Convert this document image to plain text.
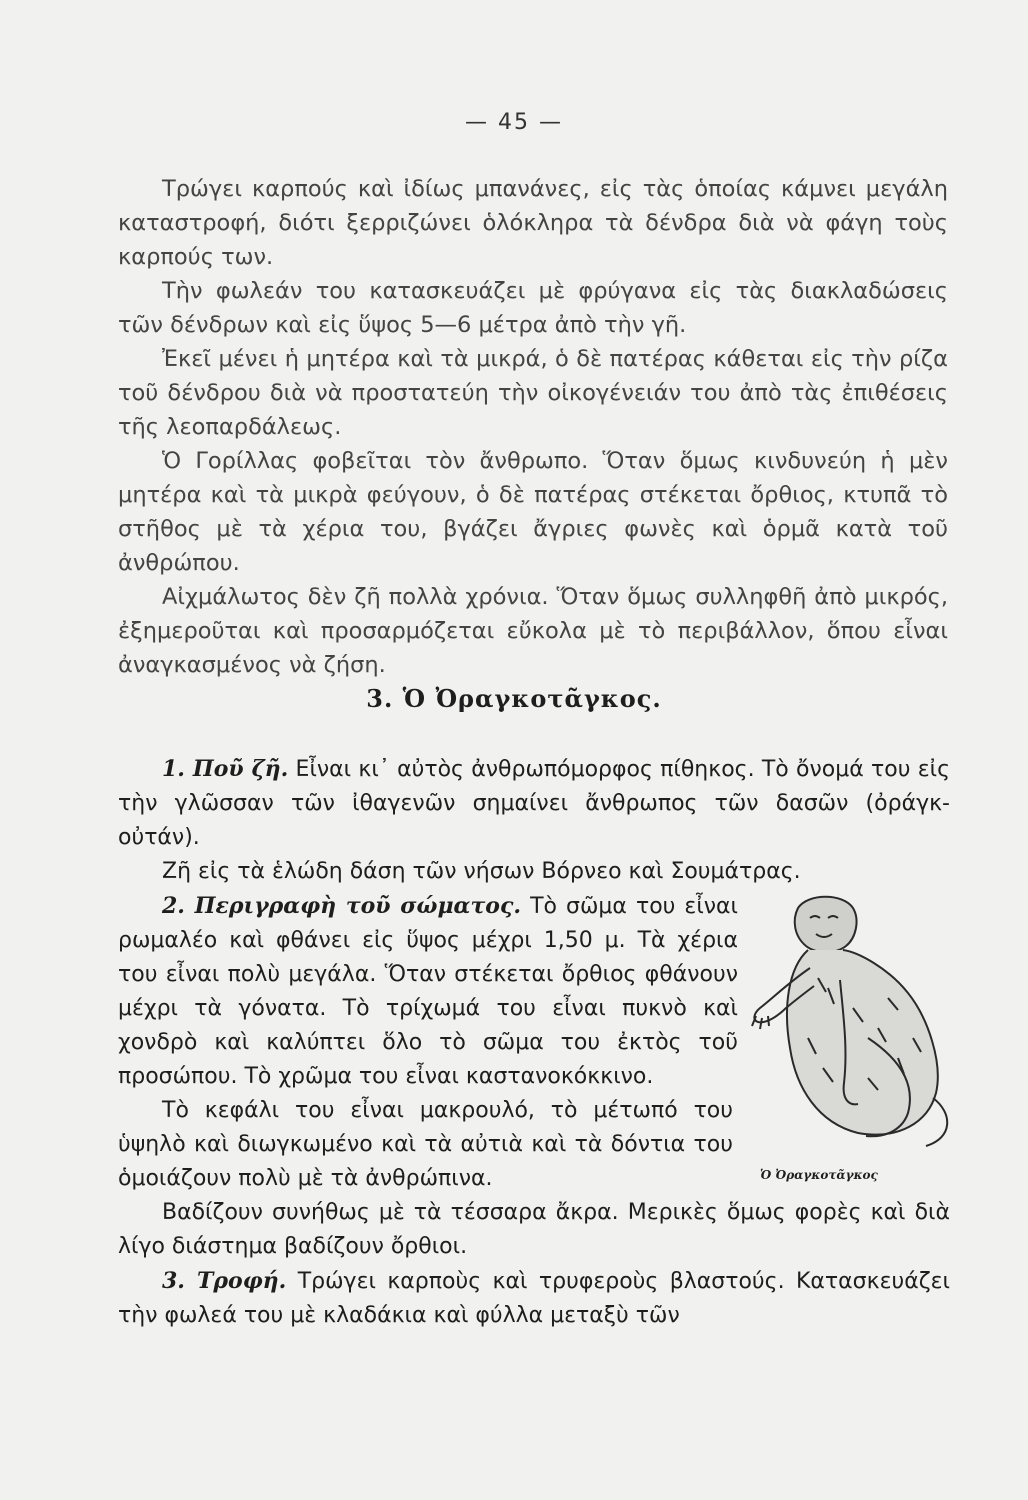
— 45 —

Τρώγει καρπούς καὶ ἰδίως μπανάνες, εἰς τὰς ὁποίας κάμνει μεγάλη καταστροφή, διότι ξερριζώνει ὁλόκληρα τὰ δένδρα διὰ νὰ φάγη τοὺς καρπούς των.

Τὴν φωλεάν του κατασκευάζει μὲ φρύγανα εἰς τὰς διακλαδώσεις τῶν δένδρων καὶ εἰς ὕψος 5—6 μέτρα ἀπὸ τὴν γῆ.

Ἐκεῖ μένει ἡ μητέρα καὶ τὰ μικρά, ὁ δὲ πατέρας κάθεται εἰς τὴν ρίζα τοῦ δένδρου διὰ νὰ προστατεύη τὴν οἰκογένειάν του ἀπὸ τὰς ἐπιθέσεις τῆς λεοπαρδάλεως.

Ὁ Γορίλλας φοβεῖται τὸν ἄνθρωπο. Ὅταν ὅμως κινδυνεύη ἡ μὲν μητέρα καὶ τὰ μικρὰ φεύγουν, ὁ δὲ πατέρας στέκεται ὄρθιος, κτυπᾶ τὸ στῆθος μὲ τὰ χέρια του, βγάζει ἄγριες φωνὲς καὶ ὁρμᾶ κατὰ τοῦ ἀνθρώπου.

Αἰχμάλωτος δὲν ζῆ πολλὰ χρόνια. Ὅταν ὅμως συλληφθῆ ἀπὸ μικρός, ἐξημεροῦται καὶ προσαρμόζεται εὔκολα μὲ τὸ περιβάλλον, ὅπου εἶναι ἀναγκασμένος νὰ ζήση.

3. Ὁ Ὀραγκοτᾶγκος.

1. Ποῦ ζῆ. Εἶναι κι᾿ αὐτὸς ἀνθρωπόμορφος πίθηκος. Τὸ ὄνομά του εἰς τὴν γλῶσσαν τῶν ἰθαγενῶν σημαίνει ἄνθρωπος τῶν δασῶν (ὀράγκ-οὐτάν).

Ζῆ εἰς τὰ ἑλώδη δάση τῶν νήσων Βόρνεο καὶ Σουμάτρας.

2. Περιγραφὴ τοῦ σώματος. Τὸ σῶμα του εἶναι ρωμαλέο καὶ φθάνει εἰς ὕψος μέχρι 1,50 μ. Τὰ χέρια του εἶναι πολὺ μεγάλα. Ὅταν στέκεται ὄρθιος φθάνουν μέχρι τὰ γόνατα. Τὸ τρίχωμά του εἶναι πυκνὸ καὶ χονδρὸ καὶ καλύπτει ὅλο τὸ σῶμα του ἐκτὸς τοῦ προσώπου. Τὸ χρῶμα του εἶναι καστανοκόκκινο.

Τὸ κεφάλι του εἶναι μακρουλό, τὸ μέτωπό του ὑψηλὸ καὶ διωγκωμένο καὶ τὰ αὐτιὰ καὶ τὰ δόντια του ὁμοιάζουν πολὺ μὲ τὰ ἀνθρώπινα.

Βαδίζουν συνήθως μὲ τὰ τέσσαρα ἄκρα. Μερικὲς ὅμως φορὲς καὶ διὰ λίγο διάστημα βαδίζουν ὄρθιοι.

3. Τροφή. Τρώγει καρποὺς καὶ τρυφεροὺς βλαστούς. Κατασκευάζει τὴν φωλεά του μὲ κλαδάκια καὶ φύλλα μεταξὺ τῶν

Ὁ Ὀραγκοτᾶγκος
